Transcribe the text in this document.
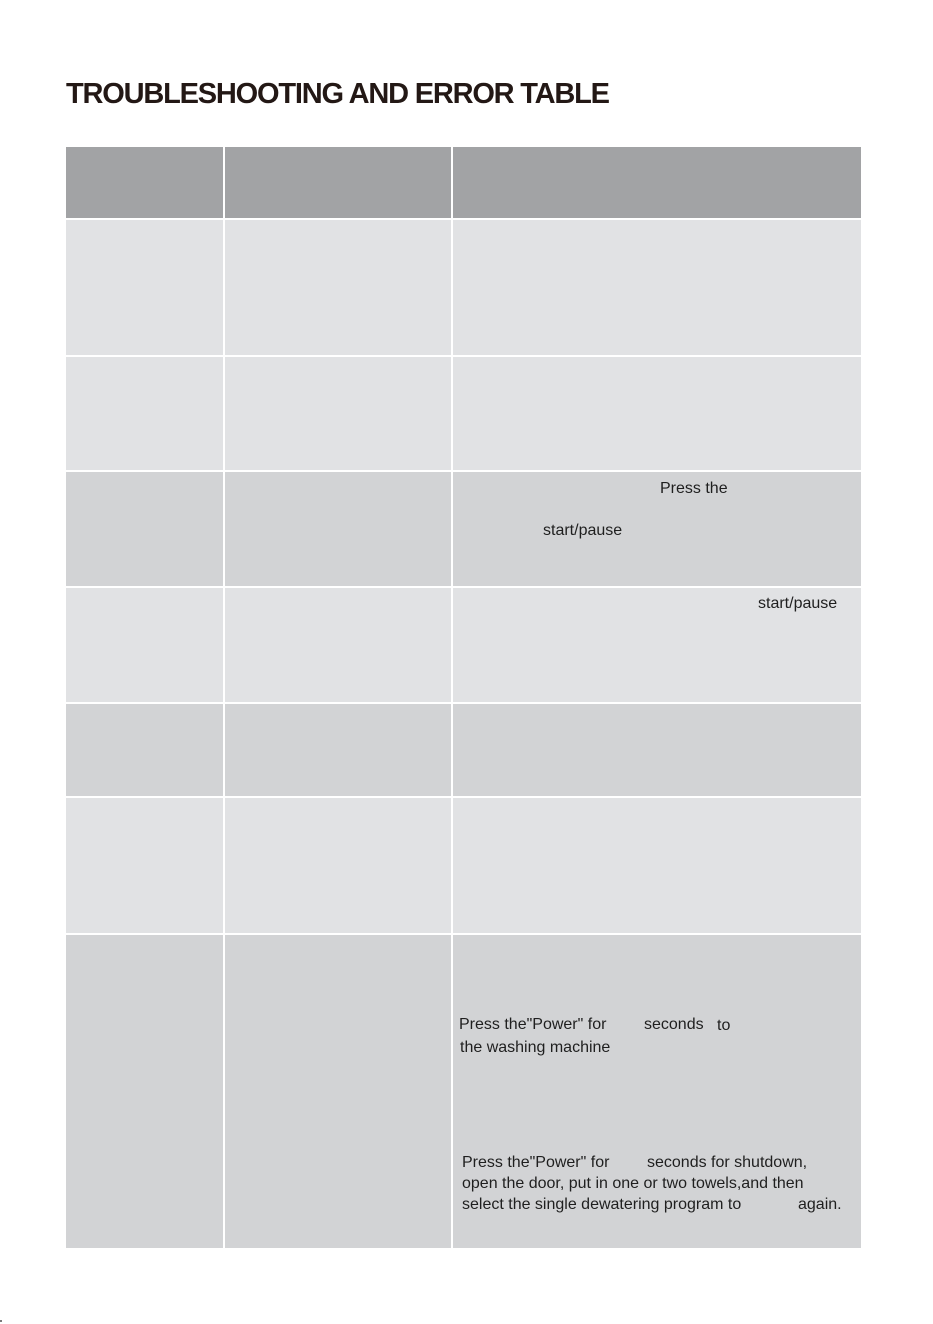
TROUBLESHOOTING AND ERROR TABLE
Press the
start/pause
start/pause
Press the"Power" for seconds to
the washing machine
Press the"Power" for seconds for shutdown,
open the door, put in one or two towels,and then
select the single dewatering program to	again.
